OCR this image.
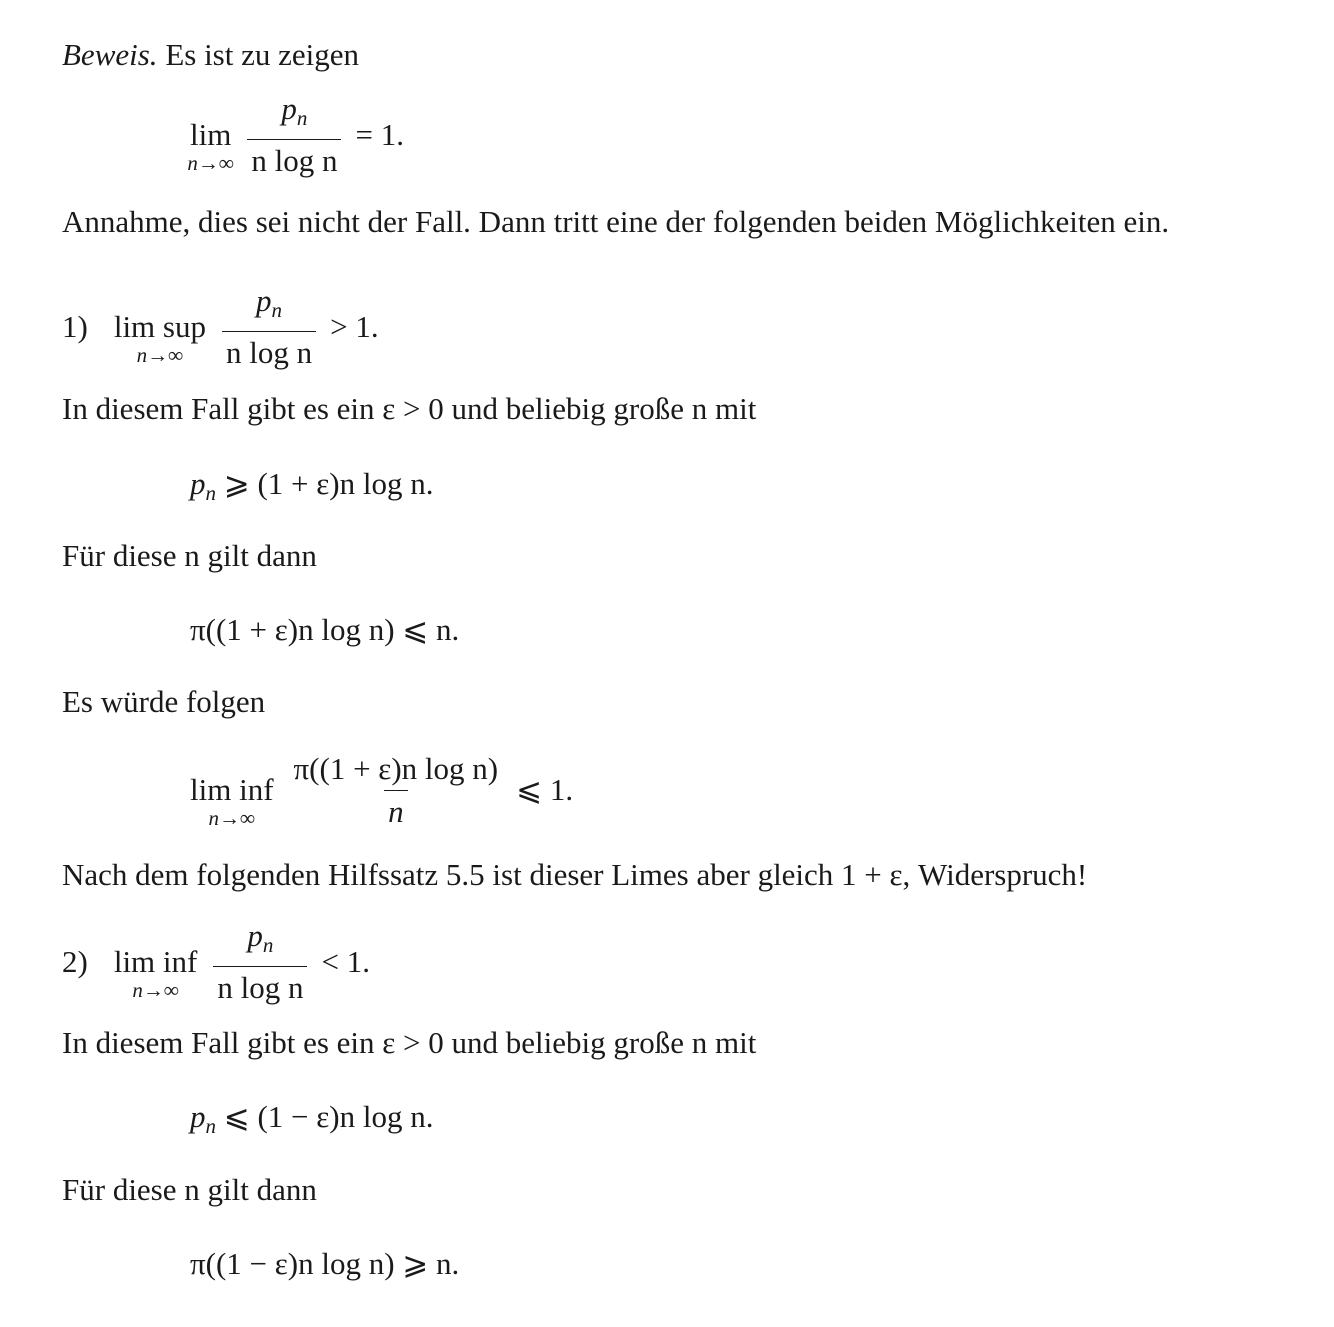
Beweis. Es ist zu zeigen
lim
$n\to\infty \frac{p_n}{\text{n log n}} = 1$.
Annahme, dies sei nicht der Fall. Dann tritt eine der folgenden beiden Möglichkeiten ein.
1) lim sup
$n\to\infty \frac{p_n}{\text{n log n}} > 1$.
In diesem Fall gibt es ein ε > 0 und beliebig große n mit
$p_n$ ⩾ (1 + ε)n log n.
Für diese n gilt dann
π((1 + ε)n log n) ⩽ n.
Es würde folgen
lim inf
$n\to\infty \frac{\text{π((1 + ε)n log n)}}{n}$ ⩽ 1.
Nach dem folgenden Hilfssatz 5.5 ist dieser Limes aber gleich 1 + ε, Widerspruch!
2) lim inf
$n\to\infty \frac{p_n}{\text{n log n}} < 1$.
In diesem Fall gibt es ein ε > 0 und beliebig große n mit
$p_n$ ⩽ (1 − ε)n log n.
Für diese n gilt dann
π((1 − ε)n log n) ⩾ n.
